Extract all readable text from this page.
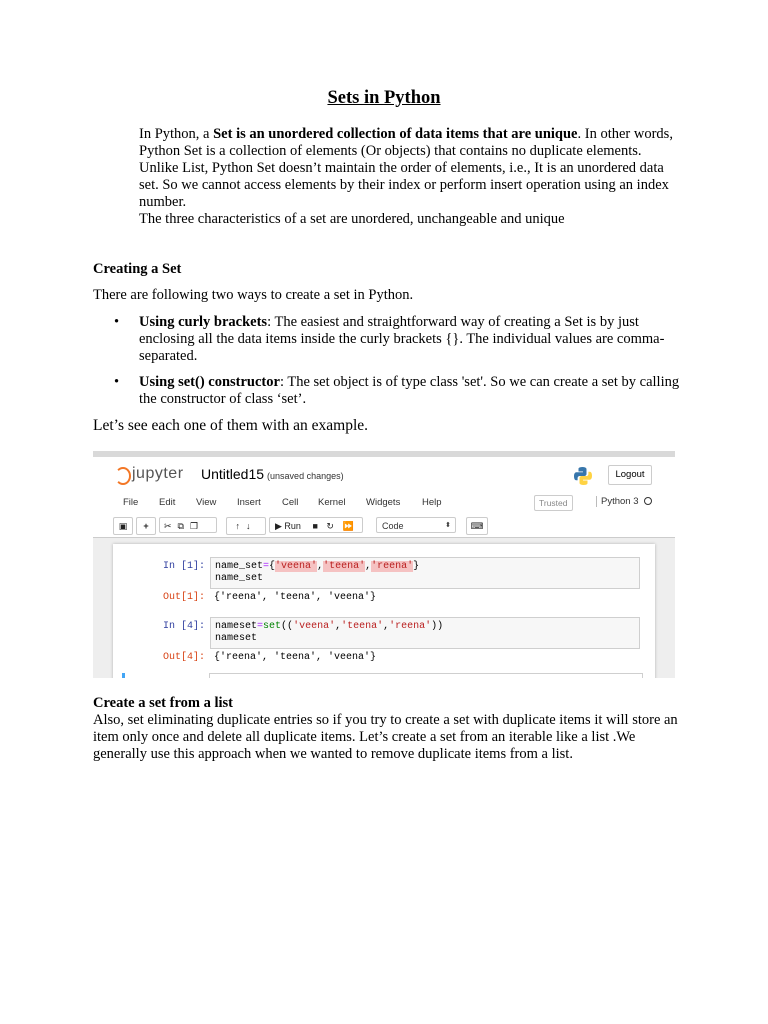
Sets in Python

In Python, a Set is an unordered collection of data items that are unique. In other words, Python Set is a collection of elements (Or objects) that contains no duplicate elements.

Unlike List, Python Set doesn’t maintain the order of elements, i.e., It is an unordered data set. So we cannot access elements by their index or perform insert operation using an index number.

The three characteristics of a set are unordered, unchangeable and unique

Creating a Set
There are following two ways to create a set in Python.
• Using curly brackets: The easiest and straightforward way of creating a Set is by just enclosing all the data items inside the curly brackets {}. The individual values are comma-separated.
• Using set() constructor: The set object is of type class 'set'. So we can create a set by calling the constructor of class ‘set’.
Let’s see each one of them with an example.
jupyter Untitled15 (unsaved changes)	Logout
File Edit View Insert Cell Kernel Widgets Help	Trusted	Python 3
▣	+	✂⧉❐	↑↓	▶ Run ■ ↻ ⏩	Code	⬍	⌨
In [1]:	name_set={'veena','teena','reena'}
name_set
Out[1]: {'reena', 'teena', 'veena'}
In [4]:	nameset=set(('veena','teena','reena'))
nameset
Out[4]: {'reena', 'teena', 'veena'}
Create a set from a list
Also, set eliminating duplicate entries so if you try to create a set with duplicate items it will store an item only once and delete all duplicate items. Let’s create a set from an iterable like a list .We generally use this approach when we wanted to remove duplicate items from a list.
